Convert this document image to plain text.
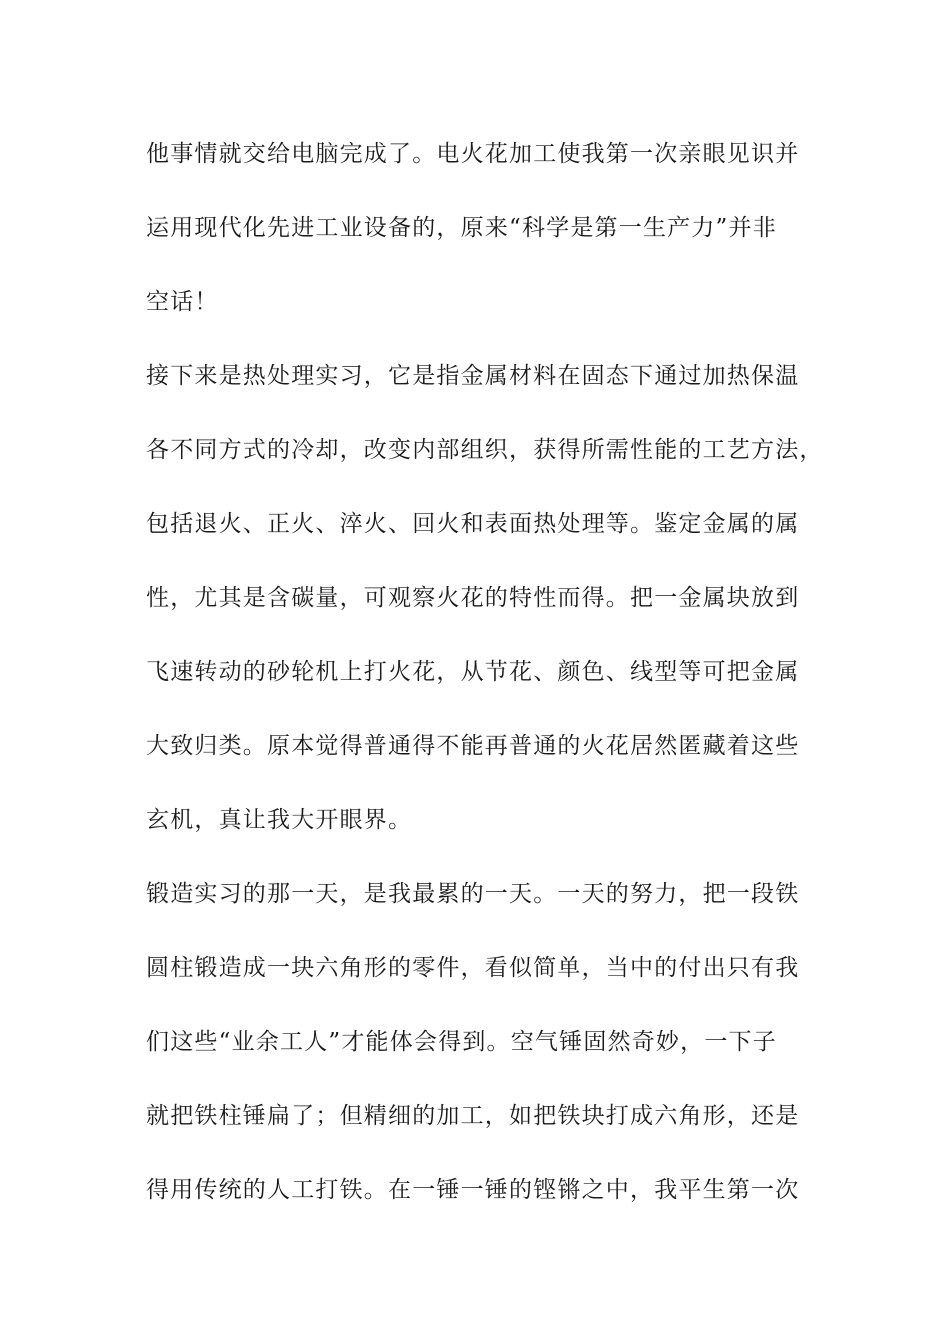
他事情就交给电脑完成了。电火花加工使我第一次亲眼见识并
运用现代化先进工业设备的，原来“科学是第一生产力”并非
空话！
接下来是热处理实习，它是指金属材料在固态下通过加热保温
各不同方式的冷却，改变内部组织，获得所需性能的工艺方法，
包括退火、正火、淬火、回火和表面热处理等。鉴定金属的属
性，尤其是含碳量，可观察火花的特性而得。把一金属块放到
飞速转动的砂轮机上打火花，从节花、颜色、线型等可把金属
大致归类。原本觉得普通得不能再普通的火花居然匿藏着这些
玄机，真让我大开眼界。
锻造实习的那一天，是我最累的一天。一天的努力，把一段铁
圆柱锻造成一块六角形的零件，看似简单，当中的付出只有我
们这些“业余工人”才能体会得到。空气锤固然奇妙，一下子
就把铁柱锤扁了；但精细的加工，如把铁块打成六角形，还是
得用传统的人工打铁。在一锤一锤的铿锵之中，我平生第一次
